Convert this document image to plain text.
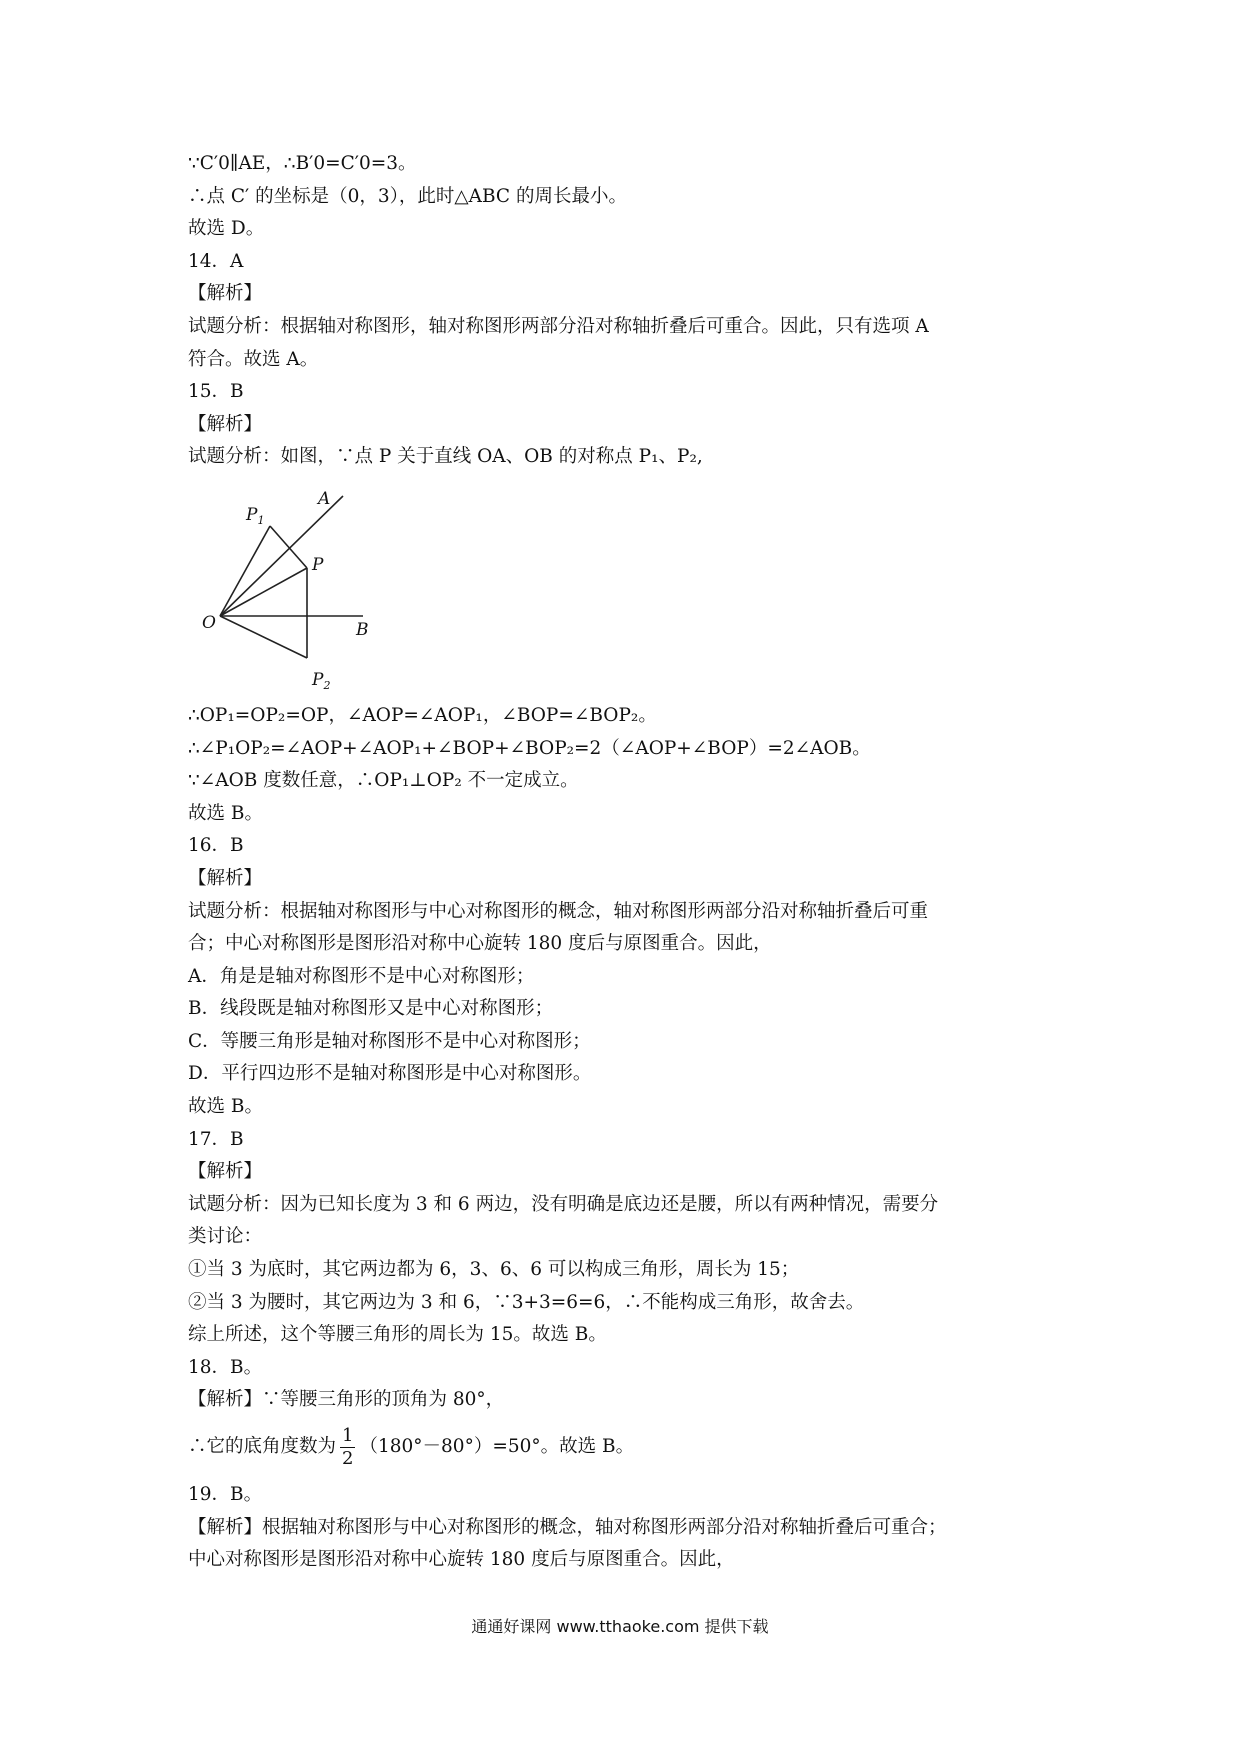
∵C′0∥AE，∴B′0=C′0=3。
∴点 C′ 的坐标是（0，3），此时△ABC 的周长最小。
故选 D。
14．A
【解析】
试题分析：根据轴对称图形，轴对称图形两部分沿对称轴折叠后可重合。因此，只有选项 A
符合。故选 A。
15．B
【解析】
试题分析：如图，∵点 P 关于直线 OA、OB 的对称点 P₁、P₂,
A
$P_1$
P
O	B
$P_2$
∴OP₁=OP₂=OP，∠AOP=∠AOP₁，∠BOP=∠BOP₂。
∴∠P₁OP₂=∠AOP+∠AOP₁+∠BOP+∠BOP₂=2（∠AOP+∠BOP）=2∠AOB。
∵∠AOB 度数任意，∴OP₁⊥OP₂ 不一定成立。
故选 B。
16．B
【解析】
试题分析：根据轴对称图形与中心对称图形的概念，轴对称图形两部分沿对称轴折叠后可重
合；中心对称图形是图形沿对称中心旋转 180 度后与原图重合。因此，
A．角是是轴对称图形不是中心对称图形；
B．线段既是轴对称图形又是中心对称图形；
C．等腰三角形是轴对称图形不是中心对称图形；
D．平行四边形不是轴对称图形是中心对称图形。
故选 B。
17．B
【解析】
试题分析：因为已知长度为 3 和 6 两边，没有明确是底边还是腰，所以有两种情况，需要分
类讨论：
①当 3 为底时，其它两边都为 6，3、6、6 可以构成三角形，周长为 15；
②当 3 为腰时，其它两边为 3 和 6，∵3+3=6=6，∴不能构成三角形，故舍去。
综上所述，这个等腰三角形的周长为 15。故选 B。
18．B。
【解析】∵等腰三角形的顶角为 80°，
∴它的底角度数为 $\frac{1}{2} (180^\circ-80^\circ)=50^\circ$。故选 B。
19．B。
【解析】根据轴对称图形与中心对称图形的概念，轴对称图形两部分沿对称轴折叠后可重合；
中心对称图形是图形沿对称中心旋转 180 度后与原图重合。因此，
通通好课网 www.tthaoke.com 提供下载
